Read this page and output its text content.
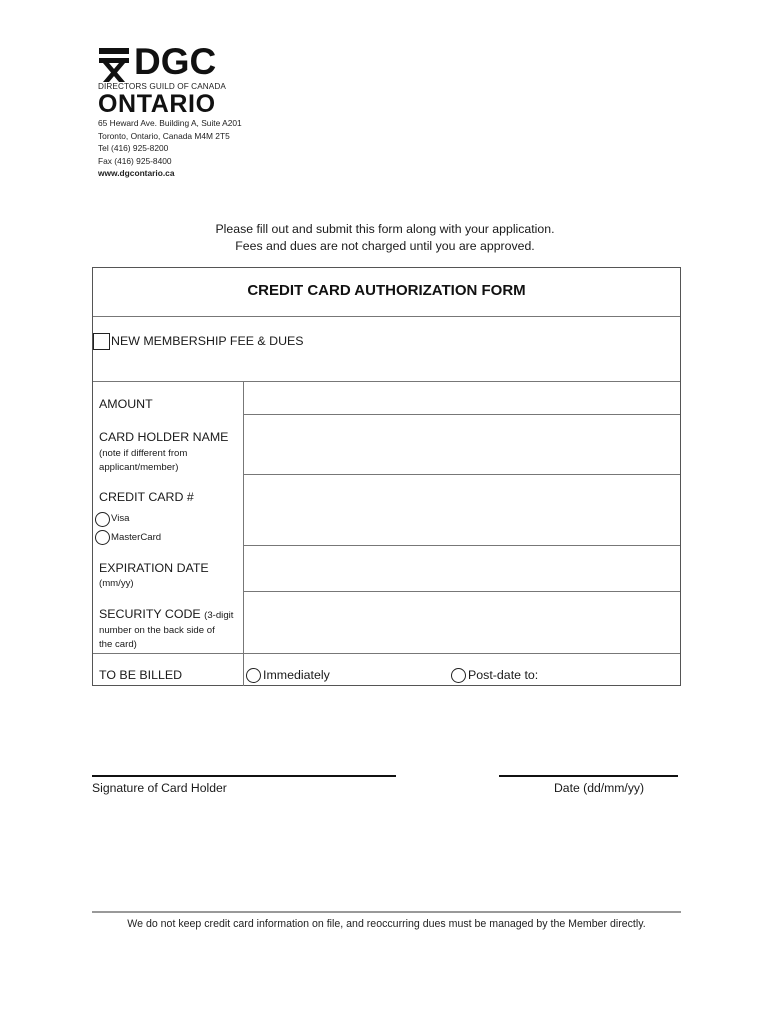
DGC
DIRECTORS GUILD OF CANADA
ONTARIO
65 Heward Ave. Building A, Suite A201
Toronto, Ontario, Canada M4M 2T5
Tel (416) 925-8200
Fax (416) 925-8400
www.dgcontario.ca
Please fill out and submit this form along with your application.
Fees and dues are not charged until you are approved.
CREDIT CARD AUTHORIZATION FORM
NEW MEMBERSHIP FEE & DUES
AMOUNT
CARD HOLDER NAME
(note if different from
applicant/member)
CREDIT CARD #
Visa
MasterCard
EXPIRATION DATE
(mm/yy)
SECURITY CODE (3-digit
number on the back side of
the card)
TO BE BILLED	Immediately	Post-date to:
Signature of Card Holder	Date (dd/mm/yy)
We do not keep credit card information on file, and reoccurring dues must be managed by the Member directly.
